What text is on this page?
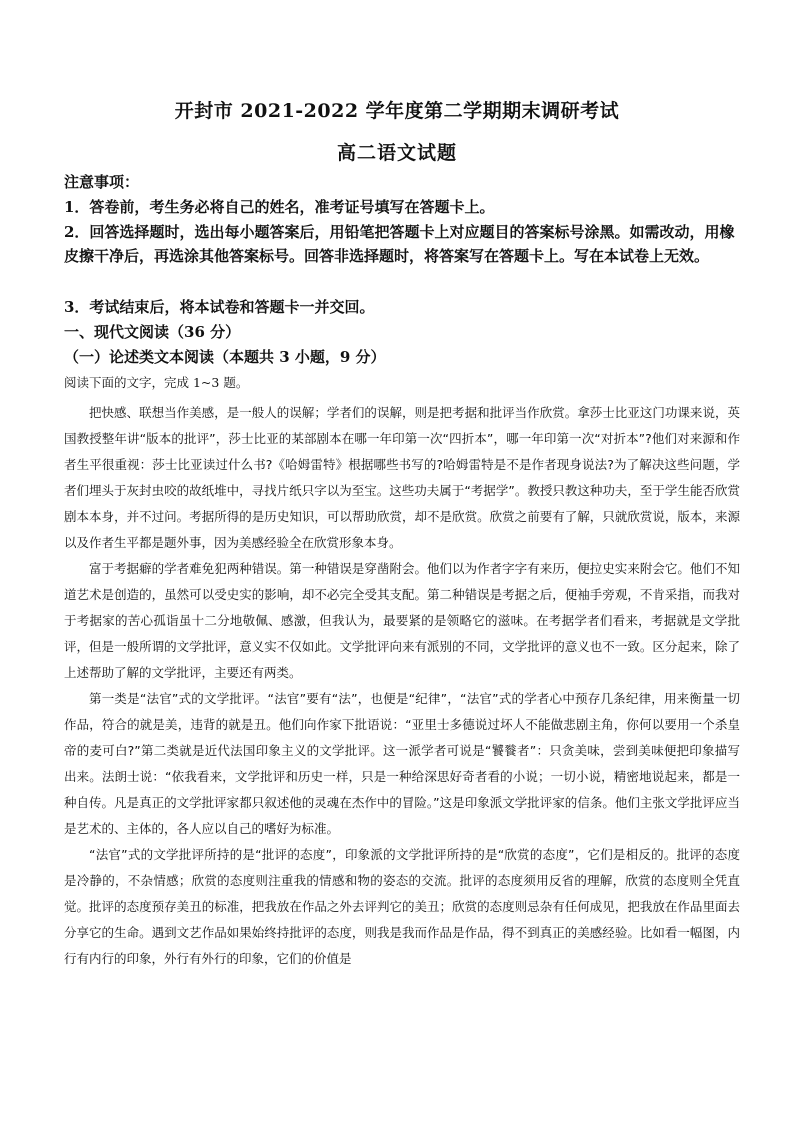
开封市 2021-2022 学年度第二学期期末调研考试
高二语文试题

注意事项：

1．答卷前，考生务必将自己的姓名，准考证号填写在答题卡上。

2．回答选择题时，选出每小题答案后，用铅笔把答题卡上对应题目的答案标号涂黑。如需改动，用橡皮擦干净后，再选涂其他答案标号。回答非选择题时，将答案写在答题卡上。写在本试卷上无效。

3．考试结束后，将本试卷和答题卡一并交回。

一、现代文阅读（36 分）

（一）论述类文本阅读（本题共 3 小题，9 分）

阅读下面的文字，完成 1~3 题。

把快感、联想当作美感，是一般人的误解；学者们的误解，则是把考据和批评当作欣赏。拿莎士比亚这门功课来说，英国教授整年讲“版本的批评”，莎士比亚的某部剧本在哪一年印第一次“四折本”，哪一年印第一次“对折本”?他们对来源和作者生平很重视：莎士比亚读过什么书?《哈姆雷特》根据哪些书写的?哈姆雷特是不是作者现身说法?为了解决这些问题，学者们埋头于灰封虫咬的故纸堆中，寻找片纸只字以为至宝。这些功夫属于“考据学”。教授只教这种功夫，至于学生能否欣赏剧本本身，并不过问。考据所得的是历史知识，可以帮助欣赏，却不是欣赏。欣赏之前要有了解，只就欣赏说，版本，来源以及作者生平都是题外事，因为美感经验全在欣赏形象本身。

富于考据癖的学者难免犯两种错误。第一种错误是穿凿附会。他们以为作者字字有来历，便拉史实来附会它。他们不知道艺术是创造的，虽然可以受史实的影响，却不必完全受其支配。第二种错误是考据之后，便袖手旁观，不肯采指，而我对于考据家的苦心孤诣虽十二分地敬佩、感激，但我认为，最要紧的是领略它的滋味。在考据学者们看来，考据就是文学批评，但是一般所谓的文学批评，意义实不仅如此。文学批评向来有派别的不同，文学批评的意义也不一致。区分起来，除了上述帮助了解的文学批评，主要还有两类。

第一类是“法官”式的文学批评。“法官”要有“法”，也便是“纪律”，“法官”式的学者心中预存几条纪律，用来衡量一切作品，符合的就是美，违背的就是丑。他们向作家下批语说：“亚里士多德说过坏人不能做悲剧主角，你何以要用一个杀皇帝的麦可白?”第二类就是近代法国印象主义的文学批评。这一派学者可说是“饕餮者”：只贪美味，尝到美味便把印象描写出来。法朗士说：“依我看来，文学批评和历史一样，只是一种给深思好奇者看的小说；一切小说，精密地说起来，都是一种自传。凡是真正的文学批评家都只叙述他的灵魂在杰作中的冒险。”这是印象派文学批评家的信条。他们主张文学批评应当是艺术的、主体的，各人应以自己的嗜好为标准。

“法官”式的文学批评所持的是“批评的态度”，印象派的文学批评所持的是“欣赏的态度”，它们是相反的。批评的态度是冷静的，不杂情感；欣赏的态度则注重我的情感和物的姿态的交流。批评的态度须用反省的理解，欣赏的态度则全凭直觉。批评的态度预存美丑的标准，把我放在作品之外去评判它的美丑；欣赏的态度则忌杂有任何成见，把我放在作品里面去分享它的生命。遇到文艺作品如果始终持批评的态度，则我是我而作品是作品，得不到真正的美感经验。比如看一幅图，内行有内行的印象，外行有外行的印象，它们的价值是
